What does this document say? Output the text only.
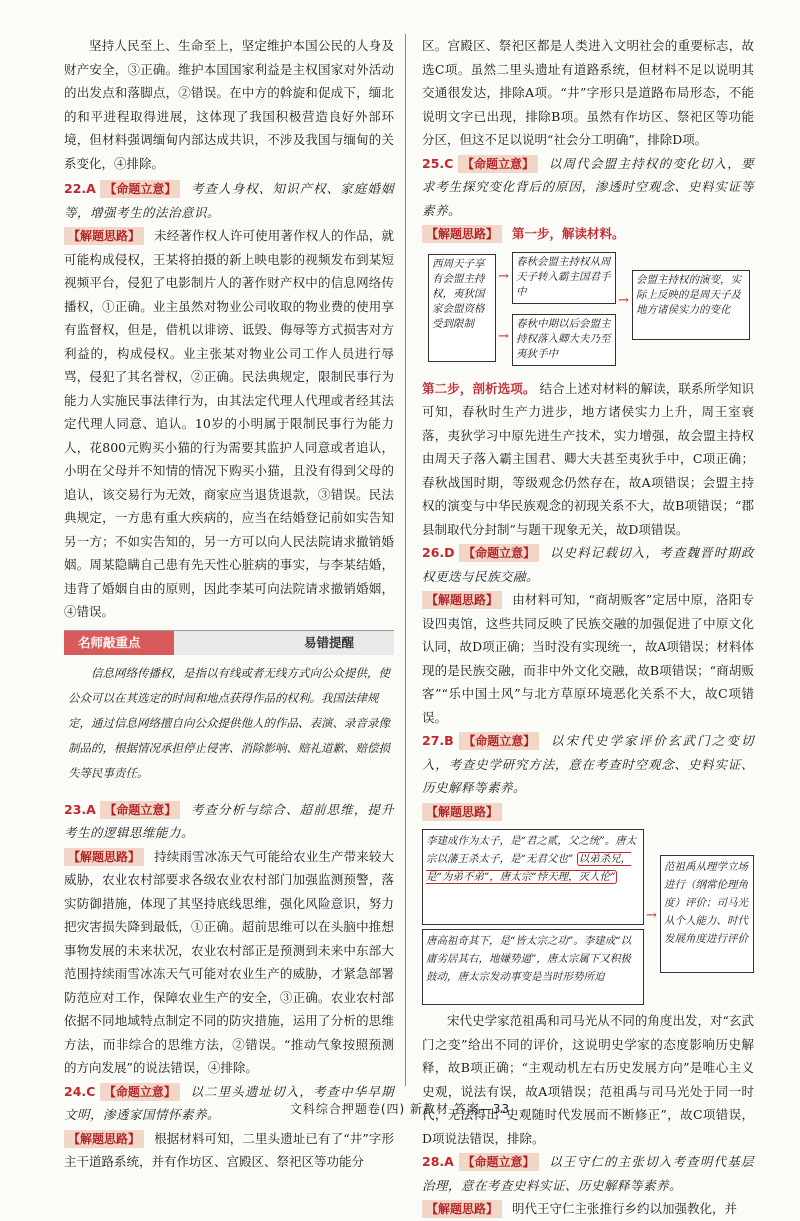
坚持人民至上、生命至上，坚定维护本国公民的人身及财产安全，③正确。维护本国国家利益是主权国家对外活动的出发点和落脚点，②错误。在中方的斡旋和促成下，缅北的和平进程取得进展，这体现了我国积极营造良好外部环境，但材料强调缅甸内部达成共识，不涉及我国与缅甸的关系变化，④排除。

22.A 【命题立意】 考查人身权、知识产权、家庭婚姻等，增强考生的法治意识。

【解题思路】 未经著作权人许可使用著作权人的作品，就可能构成侵权，王某将拍摄的新上映电影的视频发布到某短视频平台，侵犯了电影制片人的著作财产权中的信息网络传播权，①正确。业主虽然对物业公司收取的物业费的使用享有监督权，但是，借机以诽谤、诋毁、侮辱等方式损害对方利益的，构成侵权。业主张某对物业公司工作人员进行辱骂，侵犯了其名誉权，②正确。民法典规定，限制民事行为能力人实施民事法律行为，由其法定代理人代理或者经其法定代理人同意、追认。10岁的小明属于限制民事行为能力人，花800元购买小猫的行为需要其监护人同意或者追认，小明在父母并不知情的情况下购买小猫，且没有得到父母的追认，该交易行为无效，商家应当退货退款，③错误。民法典规定，一方患有重大疾病的，应当在结婚登记前如实告知另一方；不如实告知的，另一方可以向人民法院请求撤销婚姻。周某隐瞒自己患有先天性心脏病的事实，与李某结婚，违背了婚姻自由的原则，因此李某可向法院请求撤销婚姻，④错误。

名师敲重点	易错提醒
信息网络传播权，是指以有线或者无线方式向公众提供，使公众可以在其选定的时间和地点获得作品的权利。我国法律规定，通过信息网络擅自向公众提供他人的作品、表演、录音录像制品的，根据情况承担停止侵害、消除影响、赔礼道歉、赔偿损失等民事责任。

23.A 【命题立意】 考查分析与综合、超前思维，提升考生的逻辑思维能力。

【解题思路】 持续雨雪冰冻天气可能给农业生产带来较大威胁，农业农村部要求各级农业农村部门加强监测预警，落实防御措施，体现了其坚持底线思维，强化风险意识，努力把灾害损失降到最低，①正确。超前思维可以在头脑中推想事物发展的未来状况，农业农村部正是预测到未来中东部大范围持续雨雪冰冻天气可能对农业生产的威胁，才紧急部署防范应对工作，保障农业生产的安全，③正确。农业农村部依据不同地域特点制定不同的防灾措施，运用了分析的思维方法，而非综合的思维方法，②错误。“推动气象按照预测的方向发展”的说法错误，④排除。

24.C 【命题立意】 以二里头遗址切入，考查中华早期文明，渗透家国情怀素养。

【解题思路】 根据材料可知，二里头遗址已有了“井”字形主干道路系统，并有作坊区、宫殿区、祭祀区等功能分

区。宫殿区、祭祀区都是人类进入文明社会的重要标志，故选C项。虽然二里头遗址有道路系统，但材料不足以说明其交通很发达，排除A项。“井”字形只是道路布局形态，不能说明文字已出现，排除B项。虽然有作坊区、祭祀区等功能分区，但这不足以说明“社会分工明确”，排除D项。

25.C 【命题立意】 以周代会盟主持权的变化切入，要求考生探究变化背后的原因，渗透时空观念、史料实证等素养。

【解题思路】 第一步，解读材料。

西周天子享有会盟主持权，夷狄国家会盟资格受到限制
→
→
春秋会盟主持权从周天子转入霸主国君手中
春秋中期以后会盟主持权落入卿大夫乃至夷狄手中
→
会盟主持权的演变，实际上反映的是周天子及地方诸侯实力的变化

第二步，剖析选项。 结合上述对材料的解读，联系所学知识可知，春秋时生产力进步，地方诸侯实力上升，周王室衰落，夷狄学习中原先进生产技术，实力增强，故会盟主持权由周天子落入霸主国君、卿大夫甚至夷狄手中，C项正确；春秋战国时期，等级观念仍然存在，故A项错误；会盟主持权的演变与中华民族观念的初现关系不大，故B项错误；“郡县制取代分封制”与题干现象无关，故D项错误。

26.D 【命题立意】 以史料记载切入，考查魏晋时期政权更迭与民族交融。

【解题思路】 由材料可知，“商胡贩客”定居中原，洛阳专设四夷馆，这些共同反映了民族交融的加强促进了中原文化认同，故D项正确；当时没有实现统一，故A项错误；材料体现的是民族交融，而非中外文化交融，故B项错误；“商胡贩客”“乐中国土风”与北方草原环境恶化关系不大，故C项错误。

27.B 【命题立意】 以宋代史学家评价玄武门之变切入，考查史学研究方法，意在考查时空观念、史料实证、历史解释等素养。

【解题思路】

李建成作为太子，是“君之贰，父之统”。唐太宗以藩王杀太子，是“无君父也” 以弟杀兄，是“为弟不弟”，唐太宗“悖天理，灭人伦”
唐高祖奇其下，是“皆太宗之功”。李建成“以庸劣居其右，地嫌势逼”，唐太宗属下又积极鼓动，唐太宗发动事变是当时形势所迫
→
范祖禹从理学立场进行（纲常伦理角度）评价；司马光从个人能力、时代发展角度进行评价

宋代史学家范祖禹和司马光从不同的角度出发，对“玄武门之变”给出不同的评价，这说明史学家的态度影响历史解释，故B项正确；“主观动机左右历史发展方向”是唯心主义史观，说法有误，故A项错误；范祖禹与司马光处于同一时代，无法得出“史观随时代发展而不断修正”，故C项错误，D项说法错误，排除。

28.A 【命题立意】 以王守仁的主张切入考查明代基层治理，意在考查史料实证、历史解释等素养。

【解题思路】 明代王守仁主张推行乡约以加强教化，并

文科综合押题卷(四) 新教材 答案—33
